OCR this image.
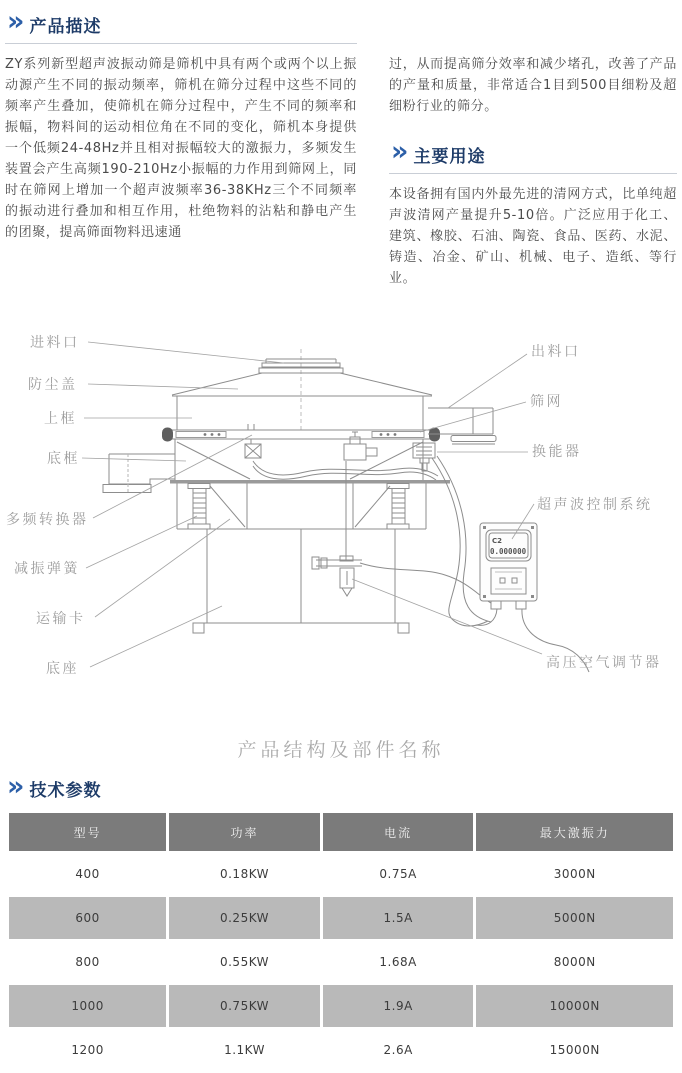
» 产品描述
ZY系列新型超声波振动筛是筛机中具有两个或两个以上振动源产生不同的振动频率，筛机在筛分过程中这些不同的频率产生叠加，使筛机在筛分过程中，产生不同的频率和振幅，物料间的运动相位角在不同的变化，筛机本身提供一个低频24-48Hz并且相对振幅较大的激振力，多频发生装置会产生高频190-210Hz小振幅的力作用到筛网上，同时在筛网上增加一个超声波频率36-38KHz三个不同频率的振动进行叠加和相互作用，杜绝物料的沾粘和静电产生的团聚，提高筛面物料迅速通
过，从而提高筛分效率和减少堵孔，改善了产品的产量和质量，非常适合1目到500目细粉及超细粉行业的筛分。
» 主要用途
本设备拥有国内外最先进的清网方式，比单纯超声波清网产量提升5-10倍。广泛应用于化工、建筑、橡胶、石油、陶瓷、食品、医药、水泥、铸造、冶金、矿山、机械、电子、造纸、等行业。
C2
0.000000
进料口
防尘盖
上框
底框
多频转换器
减振弹簧
运输卡
底座
出料口
筛网
换能器
超声波控制系统
高压空气调节器
产品结构及部件名称
» 技术参数
型号	功率	电流	最大激振力
400	0.18KW	0.75A	3000N
600	0.25KW	1.5A	5000N
800	0.55KW	1.68A	8000N
1000	0.75KW	1.9A	10000N
1200	1.1KW	2.6A	15000N
